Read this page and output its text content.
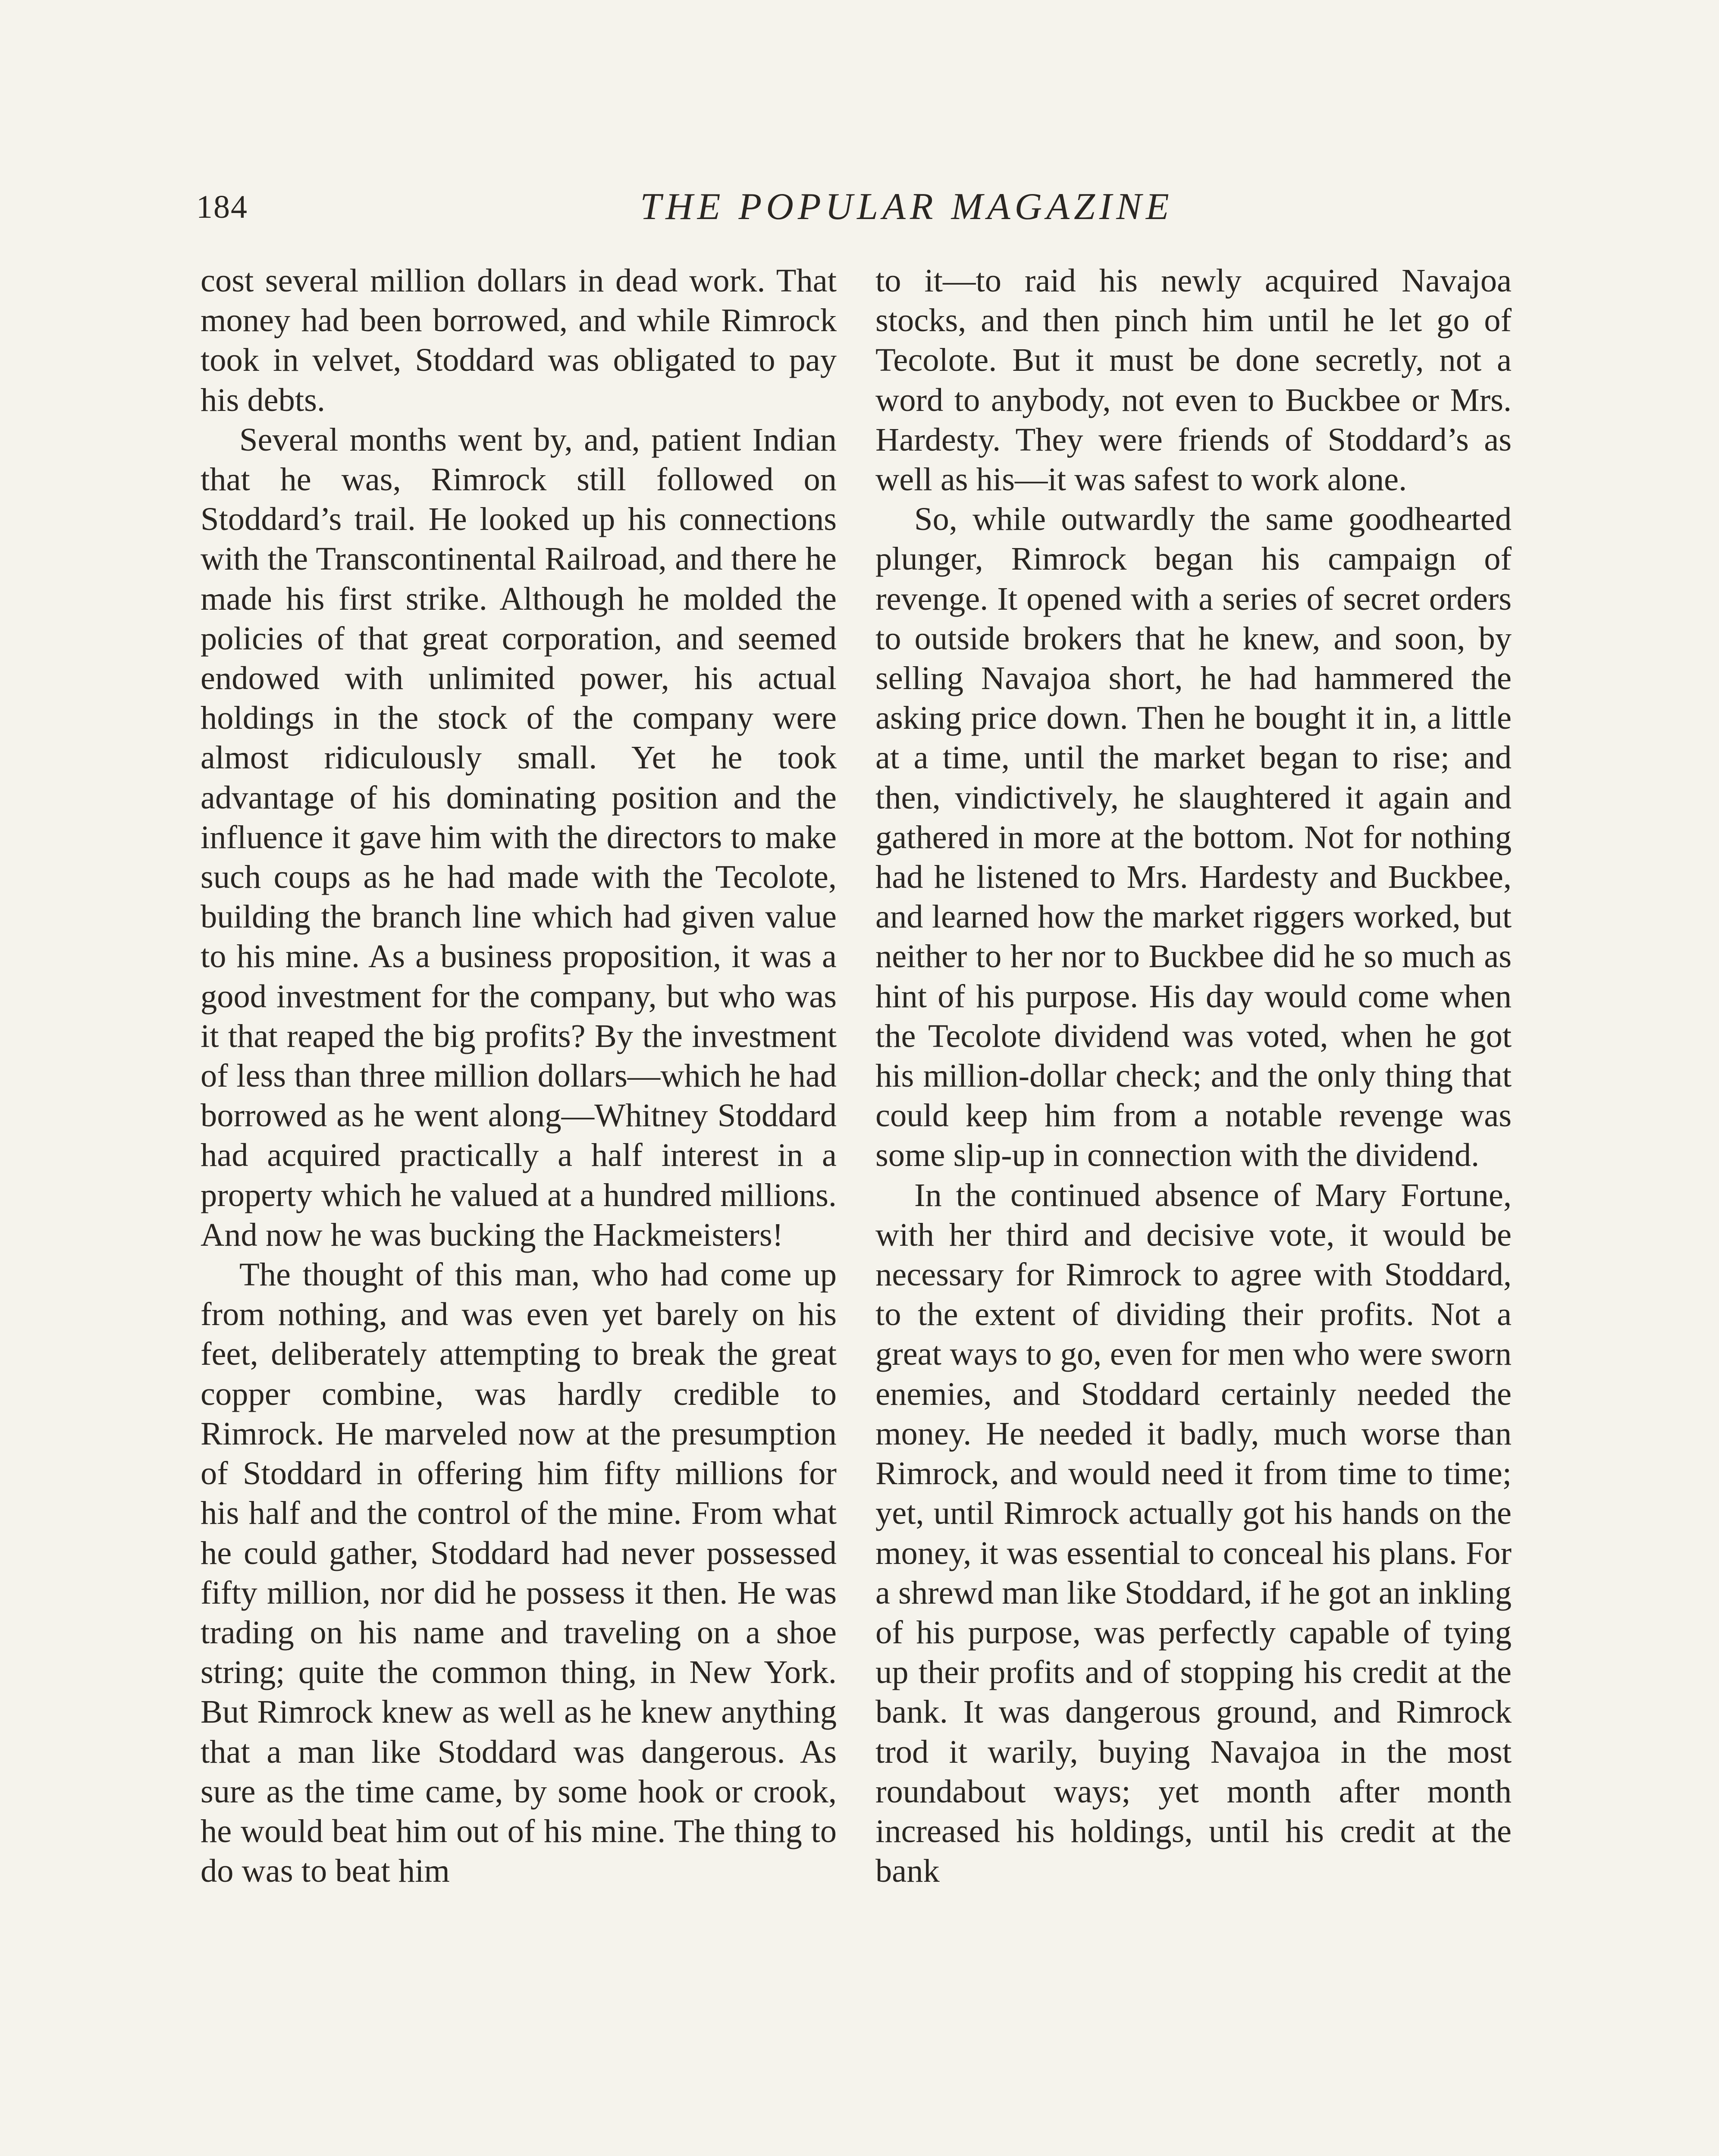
184	THE POPULAR MAGAZINE

cost several million dollars in dead work. That money had been borrowed, and while Rimrock took in velvet, Stoddard was obligated to pay his debts.

Several months went by, and, patient Indian that he was, Rimrock still followed on Stoddard’s trail. He looked up his connections with the Transcontinental Railroad, and there he made his first strike. Although he molded the policies of that great corporation, and seemed endowed with unlimited power, his actual holdings in the stock of the company were almost ridiculously small. Yet he took advantage of his dominating position and the influence it gave him with the directors to make such coups as he had made with the Tecolote, building the branch line which had given value to his mine. As a business proposition, it was a good investment for the company, but who was it that reaped the big profits? By the investment of less than three million dollars—which he had borrowed as he went along—Whitney Stoddard had acquired practically a half interest in a property which he valued at a hundred millions. And now he was bucking the Hackmeisters!

The thought of this man, who had come up from nothing, and was even yet barely on his feet, deliberately attempting to break the great copper combine, was hardly credible to Rimrock. He marveled now at the presumption of Stoddard in offering him fifty millions for his half and the control of the mine. From what he could gather, Stoddard had never possessed fifty million, nor did he possess it then. He was trading on his name and traveling on a shoe string; quite the common thing, in New York. But Rimrock knew as well as he knew anything that a man like Stoddard was dangerous. As sure as the time came, by some hook or crook, he would beat him out of his mine. The thing to do was to beat him

to it—to raid his newly acquired Navajoa stocks, and then pinch him until he let go of Tecolote. But it must be done secretly, not a word to anybody, not even to Buckbee or Mrs. Hardesty. They were friends of Stoddard’s as well as his—it was safest to work alone.

So, while outwardly the same goodhearted plunger, Rimrock began his campaign of revenge. It opened with a series of secret orders to outside brokers that he knew, and soon, by selling Navajoa short, he had hammered the asking price down. Then he bought it in, a little at a time, until the market began to rise; and then, vindictively, he slaughtered it again and gathered in more at the bottom. Not for nothing had he listened to Mrs. Hardesty and Buckbee, and learned how the market riggers worked, but neither to her nor to Buckbee did he so much as hint of his purpose. His day would come when the Tecolote dividend was voted, when he got his million-dollar check; and the only thing that could keep him from a notable revenge was some slip-up in connection with the dividend.

In the continued absence of Mary Fortune, with her third and decisive vote, it would be necessary for Rimrock to agree with Stoddard, to the extent of dividing their profits. Not a great ways to go, even for men who were sworn enemies, and Stoddard certainly needed the money. He needed it badly, much worse than Rimrock, and would need it from time to time; yet, until Rimrock actually got his hands on the money, it was essential to conceal his plans. For a shrewd man like Stoddard, if he got an inkling of his purpose, was perfectly capable of tying up their profits and of stopping his credit at the bank. It was dangerous ground, and Rimrock trod it warily, buying Navajoa in the most roundabout ways; yet month after month increased his holdings, until his credit at the bank
